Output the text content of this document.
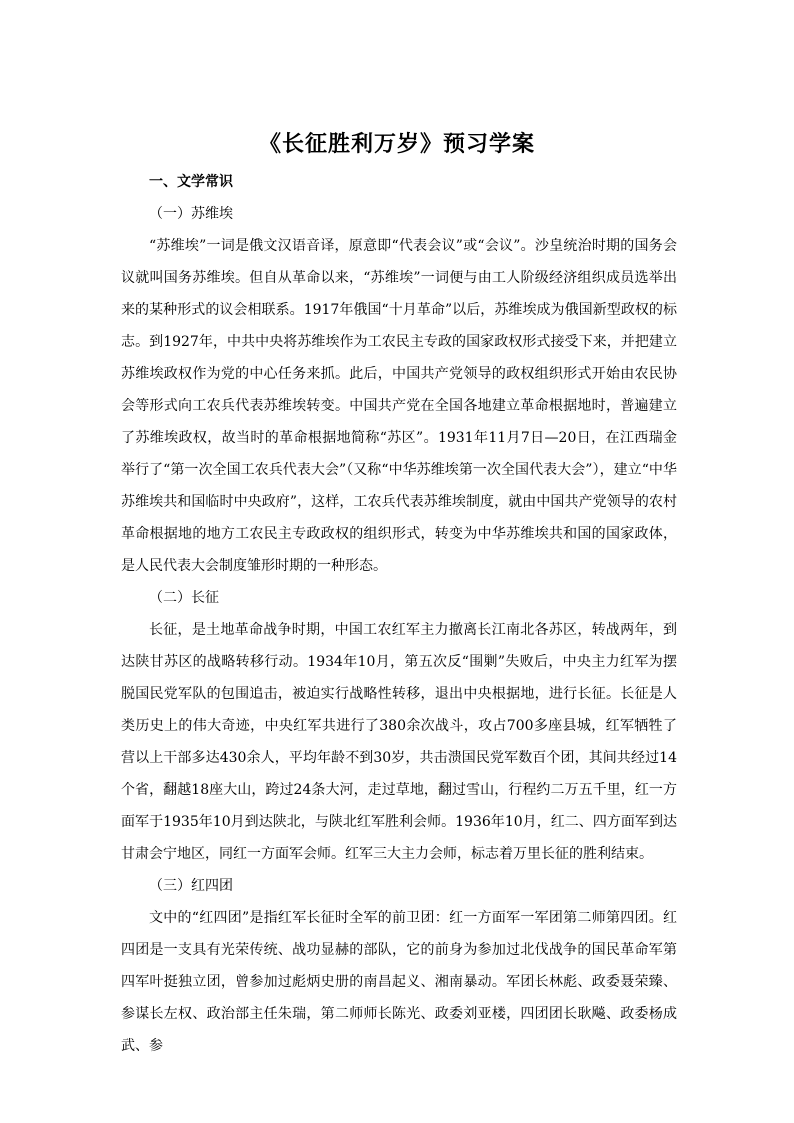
《长征胜利万岁》预习学案

一、文学常识

（一）苏维埃

“苏维埃”一词是俄文汉语音译，原意即“代表会议”或“会议”。沙皇统治时期的国务会议就叫国务苏维埃。但自从革命以来，“苏维埃”一词便与由工人阶级经济组织成员选举出来的某种形式的议会相联系。1917年俄国“十月革命”以后，苏维埃成为俄国新型政权的标志。到1927年，中共中央将苏维埃作为工农民主专政的国家政权形式接受下来，并把建立苏维埃政权作为党的中心任务来抓。此后，中国共产党领导的政权组织形式开始由农民协会等形式向工农兵代表苏维埃转变。中国共产党在全国各地建立革命根据地时，普遍建立了苏维埃政权，故当时的革命根据地简称“苏区”。1931年11月7日—20日，在江西瑞金举行了“第一次全国工农兵代表大会”（又称“中华苏维埃第一次全国代表大会”），建立“中华苏维埃共和国临时中央政府”，这样，工农兵代表苏维埃制度，就由中国共产党领导的农村革命根据地的地方工农民主专政政权的组织形式，转变为中华苏维埃共和国的国家政体，是人民代表大会制度雏形时期的一种形态。

（二）长征

长征，是土地革命战争时期，中国工农红军主力撤离长江南北各苏区，转战两年，到达陕甘苏区的战略转移行动。1934年10月，第五次反“围剿”失败后，中央主力红军为摆脱国民党军队的包围追击，被迫实行战略性转移，退出中央根据地，进行长征。长征是人类历史上的伟大奇迹，中央红军共进行了380余次战斗，攻占700多座县城，红军牺牲了营以上干部多达430余人，平均年龄不到30岁，共击溃国民党军数百个团，其间共经过14个省，翻越18座大山，跨过24条大河，走过草地，翻过雪山，行程约二万五千里，红一方面军于1935年10月到达陕北，与陕北红军胜利会师。1936年10月，红二、四方面军到达甘肃会宁地区，同红一方面军会师。红军三大主力会师，标志着万里长征的胜利结束。

（三）红四团

文中的“红四团”是指红军长征时全军的前卫团：红一方面军一军团第二师第四团。红四团是一支具有光荣传统、战功显赫的部队，它的前身为参加过北伐战争的国民革命军第四军叶挺独立团，曾参加过彪炳史册的南昌起义、湘南暴动。军团长林彪、政委聂荣臻、参谋长左权、政治部主任朱瑞，第二师师长陈光、政委刘亚楼，四团团长耿飚、政委杨成武、参
